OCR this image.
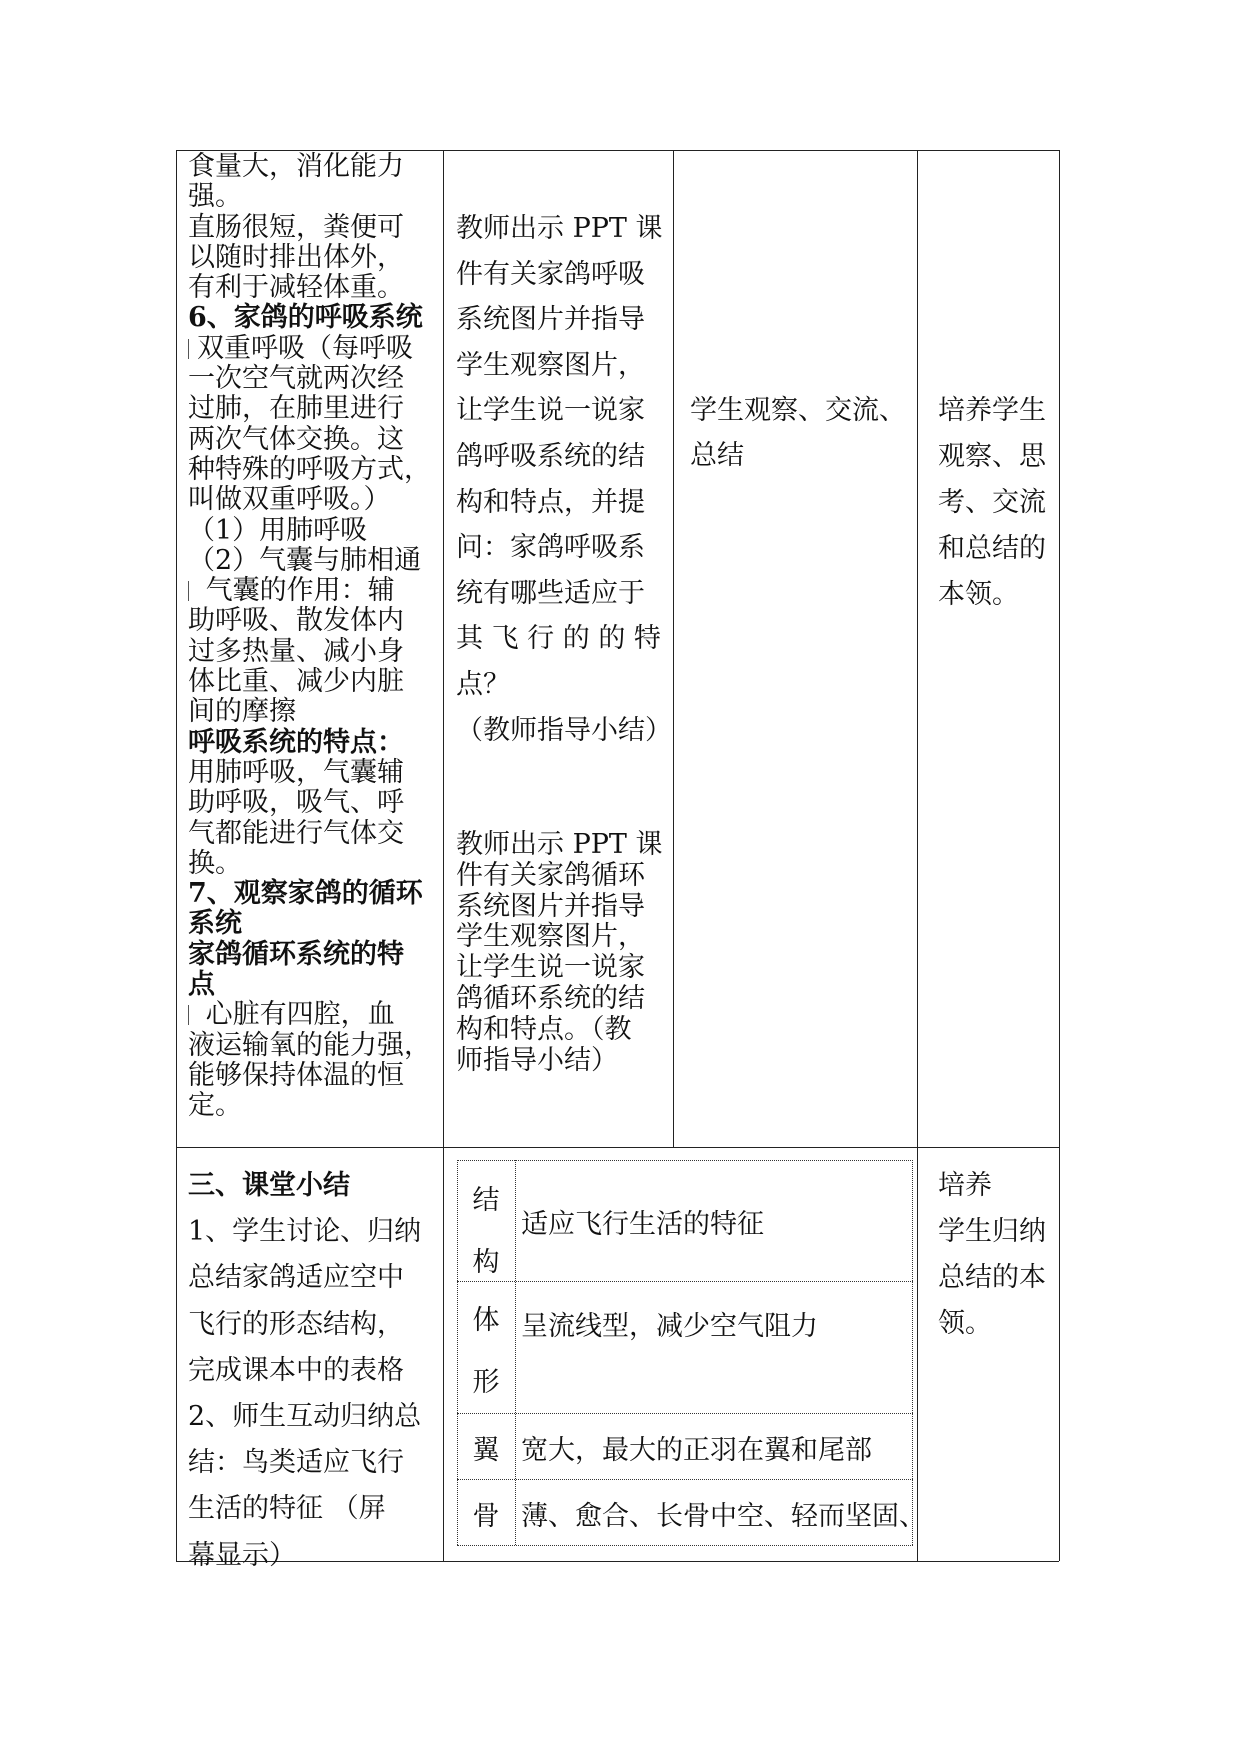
食量大，消化能力

强。

直肠很短，粪便可

以随时排出体外，

有利于减轻体重。

6、家鸽的呼吸系统

双重呼吸（每呼吸

一次空气就两次经

过肺，在肺里进行

两次气体交换。这

种特殊的呼吸方式，

叫做双重呼吸。）

（1）用肺呼吸

（2）气囊与肺相通

气囊的作用：辅

助呼吸、散发体内

过多热量、减小身

体比重、减少内脏

间的摩擦

呼吸系统的特点：

用肺呼吸，气囊辅

助呼吸，吸气、呼

气都能进行气体交

换。

7、观察家鸽的循环

系统

家鸽循环系统的特

点

心脏有四腔，血

液运输氧的能力强，

能够保持体温的恒

定。

教师出示 PPT 课

件有关家鸽呼吸

系统图片并指导

学生观察图片，

让学生说一说家

鸽呼吸系统的结

构和特点，并提

问：家鸽呼吸系

统有哪些适应于

其 飞 行 的 的 特

点？

（教师指导小结）

教师出示 PPT 课

件有关家鸽循环

系统图片并指导

学生观察图片，

让学生说一说家

鸽循环系统的结

构和特点。（教

师指导小结）

学生观察、交流、

总结

培养学生

观察、思

考、交流

和总结的

本领。

三、课堂小结

1、学生讨论、归纳

总结家鸽适应空中

飞行的形态结构，

完成课本中的表格

2、师生互动归纳总

结：鸟类适应飞行

生活的特征 （屏

幕显示）

结
构
适应飞行生活的特征
体
形
呈流线型，减少空气阻力
翼 宽大，最大的正羽在翼和尾部
骨 薄、愈合、长骨中空、轻而坚固、

培养

学生归纳

总结的本

领。
